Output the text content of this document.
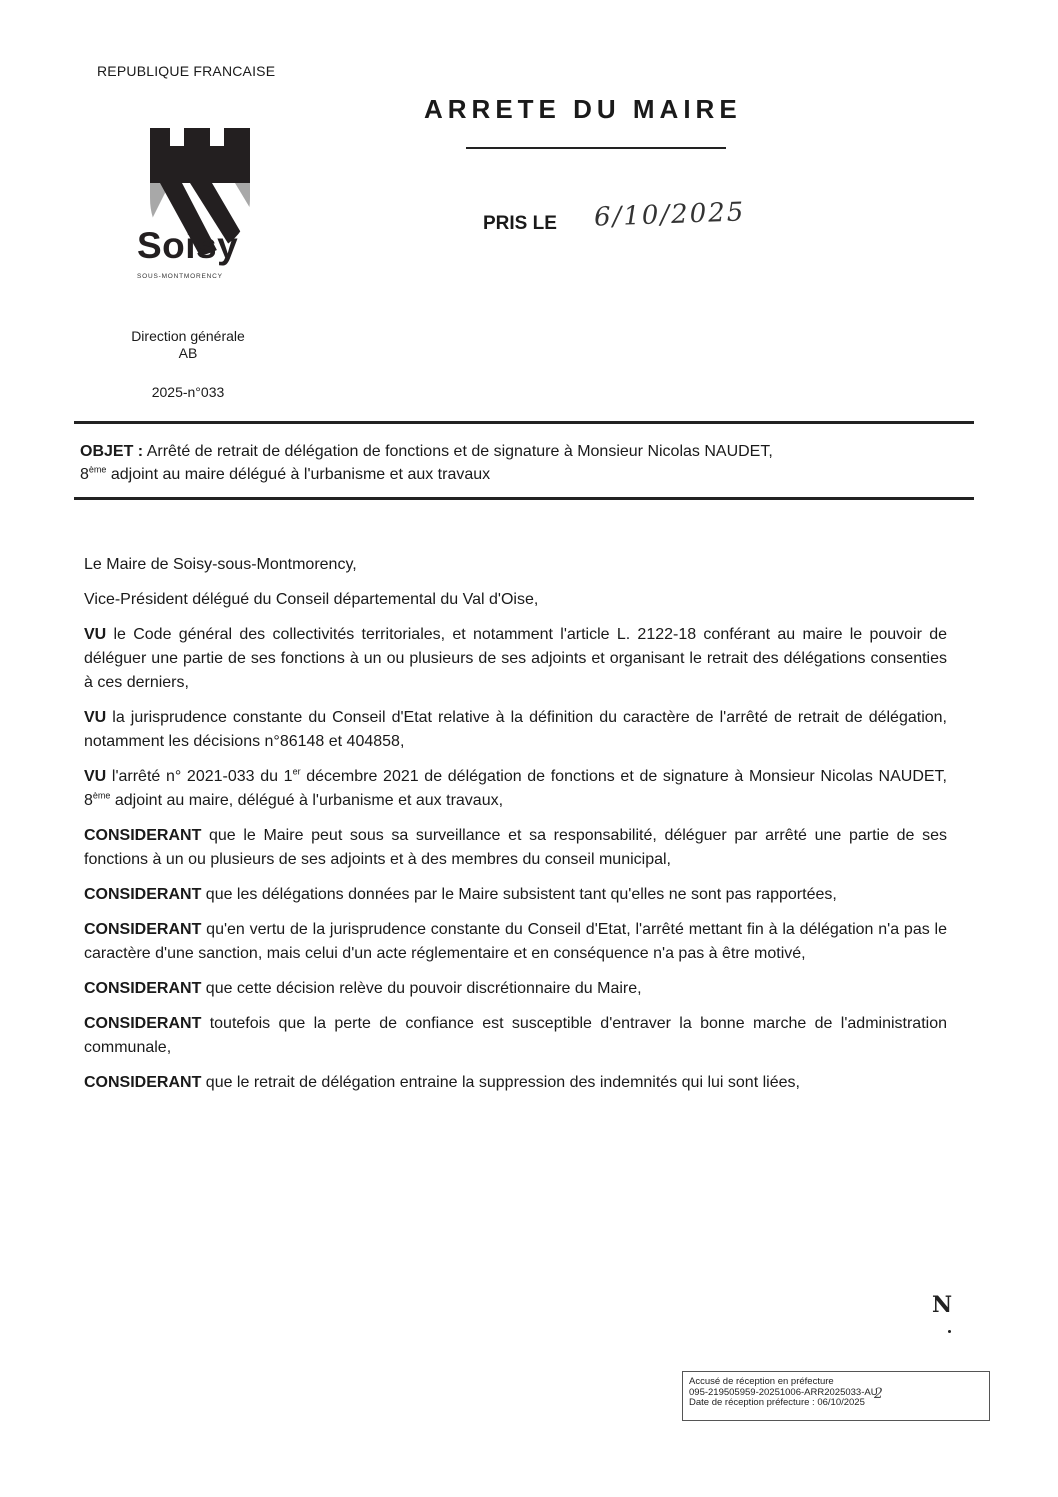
REPUBLIQUE FRANCAISE
Soisy
SOUS-MONTMORENCY
Direction générale
AB
2025-n°033
ARRETE DU MAIRE
PRIS LE 6/10/2025
OBJET : Arrêté de retrait de délégation de fonctions et de signature à Monsieur Nicolas NAUDET,
8ème adjoint au maire délégué à l'urbanisme et aux travaux

Le Maire de Soisy-sous-Montmorency,

Vice-Président délégué du Conseil départemental du Val d'Oise,

VU le Code général des collectivités territoriales, et notamment l'article L. 2122-18 conférant au maire le pouvoir de déléguer une partie de ses fonctions à un ou plusieurs de ses adjoints et organisant le retrait des délégations consenties à ces derniers,

VU la jurisprudence constante du Conseil d'Etat relative à la définition du caractère de l'arrêté de retrait de délégation, notamment les décisions n°86148 et 404858,

VU l'arrêté n° 2021-033 du 1er décembre 2021 de délégation de fonctions et de signature à Monsieur Nicolas NAUDET, 8ème adjoint au maire, délégué à l'urbanisme et aux travaux,

CONSIDERANT que le Maire peut sous sa surveillance et sa responsabilité, déléguer par arrêté une partie de ses fonctions à un ou plusieurs de ses adjoints et à des membres du conseil municipal,

CONSIDERANT que les délégations données par le Maire subsistent tant qu'elles ne sont pas rapportées,

CONSIDERANT qu'en vertu de la jurisprudence constante du Conseil d'Etat, l'arrêté mettant fin à la délégation n'a pas le caractère d'une sanction, mais celui d'un acte réglementaire et en conséquence n'a pas à être motivé,

CONSIDERANT que cette décision relève du pouvoir discrétionnaire du Maire,

CONSIDERANT toutefois que la perte de confiance est susceptible d'entraver la bonne marche de l'administration communale,

CONSIDERANT que le retrait de délégation entraine la suppression des indemnités qui lui sont liées,

N
Accusé de réception en préfecture
095-219505959-20251006-ARR2025033-AU
Date de réception préfecture : 06/10/2025
2
